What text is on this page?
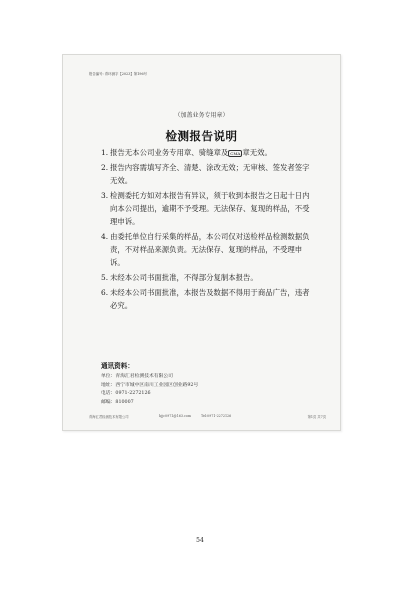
报告编号: 青环测字【2023】第196号
（加盖业务专用章）
检测报告说明
1. 报告无本公司业务专用章、骑缝章及 CMA 章无效。
2. 报告内容需填写齐全、清楚、涂改无效；无审核、签发者签字无效。
3. 检测委托方如对本报告有异议，须于收到本报告之日起十日内向本公司提出，逾期不予受理。无法保存、复现的样品，不受理申诉。
4. 由委托单位自行采集的样品，本公司仅对送检样品检测数据负责，不对样品来源负责。无法保存、复现的样品，不受理申诉。
5. 未经本公司书面批准，不得部分复制本报告。
6. 未经本公司书面批准，本报告及数据不得用于商品广告，违者必究。
通讯资料：
单位：青海汇君检测技术有限公司
地址：西宁市城中区南川工业园区创业路92号
电话：0971-2272126
邮编：810007
青海汇君检测技术有限公司	hjjc0971@163.com	Tel:0971-2272126	第1页 共7页
54
